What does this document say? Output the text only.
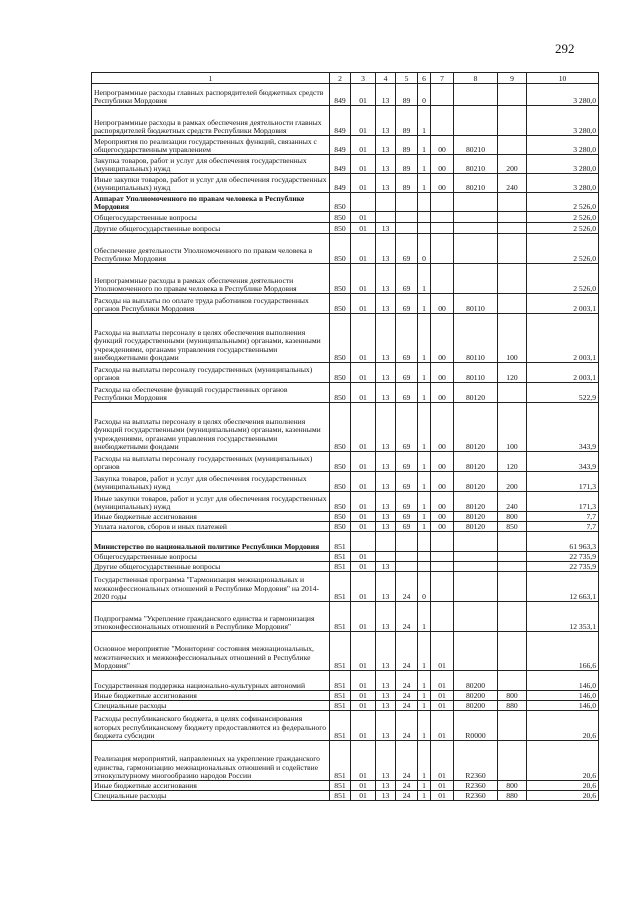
292
1	2	3	4	5	6	7	8	9	10
Непрограммные расходы главных распорядителей бюджетных средств Республики Мордовия	849	01	13	89	0				3 280,0
Непрограммные расходы в рамках обеспечения деятельности главных распорядителей бюджетных средств Республики Мордовия	849	01	13	89	1				3 280,0
Мероприятия по реализации государственных функций, связанных с общегосударственным управлением	849	01	13	89	1	00	80210		3 280,0
Закупка товаров, работ и услуг для обеспечения государственных (муниципальных) нужд	849	01	13	89	1	00	80210	200	3 280,0
Иные закупки товаров, работ и услуг для обеспечения государственных (муниципальных) нужд	849	01	13	89	1	00	80210	240	3 280,0
Аппарат Уполномоченного по правам человека в Республике Мордовия	850								2 526,0
Общегосударственные вопросы	850	01							2 526,0
Другие общегосударственные вопросы	850	01	13						2 526,0
Обеспечение деятельности Уполномоченного по правам человека в Республике Мордовия	850	01	13	69	0				2 526,0
Непрограммные расходы в рамках обеспечения деятельности Уполномоченного по правам человека в Республике Мордовия	850	01	13	69	1				2 526,0
Расходы на выплаты по оплате труда работников государственных органов Республики Мордовия	850	01	13	69	1	00	80110		2 003,1
Расходы на выплаты персоналу в целях обеспечения выполнения функций государственными (муниципальными) органами, казенными учреждениями, органами управления государственными внебюджетными фондами	850	01	13	69	1	00	80110	100	2 003,1
Расходы на выплаты персоналу государственных (муниципальных) органов	850	01	13	69	1	00	80110	120	2 003,1
Расходы на обеспечение функций государственных органов Республики Мордовия	850	01	13	69	1	00	80120		522,9
Расходы на выплаты персоналу в целях обеспечения выполнения функций государственными (муниципальными) органами, казенными учреждениями, органами управления государственными внебюджетными фондами	850	01	13	69	1	00	80120	100	343,9
Расходы на выплаты персоналу государственных (муниципальных) органов	850	01	13	69	1	00	80120	120	343,9
Закупка товаров, работ и услуг для обеспечения государственных (муниципальных) нужд	850	01	13	69	1	00	80120	200	171,3
Иные закупки товаров, работ и услуг для обеспечения государственных (муниципальных) нужд	850	01	13	69	1	00	80120	240	171,3
Иные бюджетные ассигнования	850	01	13	69	1	00	80120	800	7,7
Уплата налогов, сборов и иных платежей	850	01	13	69	1	00	80120	850	7,7
Министерство по национальной политике Республики Мордовия	851								61 963,3
Общегосударственные вопросы	851	01							22 735,9
Другие общегосударственные вопросы	851	01	13						22 735,9
Государственная программа "Гармонизация межнациональных и межконфессиональных отношений в Республике Мордовия" на 2014-2020 годы	851	01	13	24	0				12 663,1
Подпрограмма "Укрепление гражданского единства и гармонизация этноконфессиональных отношений в Республике Мордовия"	851	01	13	24	1				12 353,1
Основное мероприятие "Мониторинг состояния межнациональных, межэтнических и межконфессиональных отношений в Республике Мордовия"	851	01	13	24	1	01			166,6
Государственная поддержка национально-культурных автономий	851	01	13	24	1	01	80200		146,0
Иные бюджетные ассигнования	851	01	13	24	1	01	80200	800	146,0
Специальные расходы	851	01	13	24	1	01	80200	880	146,0
Расходы республиканского бюджета, в целях софинансирования которых республиканскому бюджету предоставляются из федерального бюджета субсидии	851	01	13	24	1	01	R0000		20,6
Реализация мероприятий, направленных на укрепление гражданского единства, гармонизацию межнациональных отношений и содействие этнокультурному многообразию народов России	851	01	13	24	1	01	R2360		20,6
Иные бюджетные ассигнования	851	01	13	24	1	01	R2360	800	20,6
Специальные расходы	851	01	13	24	1	01	R2360	880	20,6
